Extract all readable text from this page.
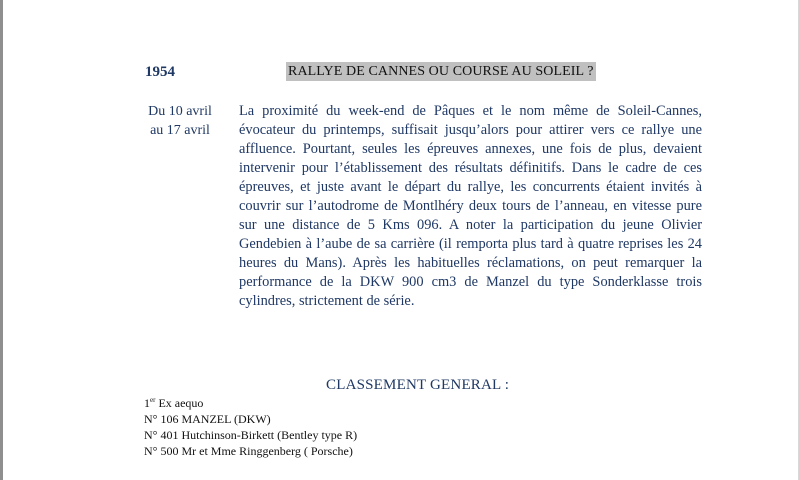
1954	RALLYE DE CANNES OU COURSE AU SOLEIL ?
Du 10 avril
au 17 avril

La proximité du week-end de Pâques et le nom même de Soleil-Cannes, évocateur du printemps, suffisait jusqu’alors pour attirer vers ce rallye une affluence. Pourtant, seules les épreuves annexes, une fois de plus, devaient intervenir pour l’établissement des résultats définitifs. Dans le cadre de ces épreuves, et juste avant le départ du rallye, les concurrents étaient invités à couvrir sur l’autodrome de Montlhéry deux tours de l’anneau, en vitesse pure sur une distance de 5 Kms 096. A noter la participation du jeune Olivier Gendebien à l’aube de sa carrière (il remporta plus tard à quatre reprises les 24 heures du Mans). Après les habituelles réclamations, on peut remarquer la performance de la DKW 900 cm3 de Manzel du type Sonderklasse trois cylindres, strictement de série.

CLASSEMENT GENERAL :
1er Ex aequo
N° 106 MANZEL (DKW)
N° 401 Hutchinson-Birkett (Bentley type R)
N° 500 Mr et Mme Ringgenberg ( Porsche)
